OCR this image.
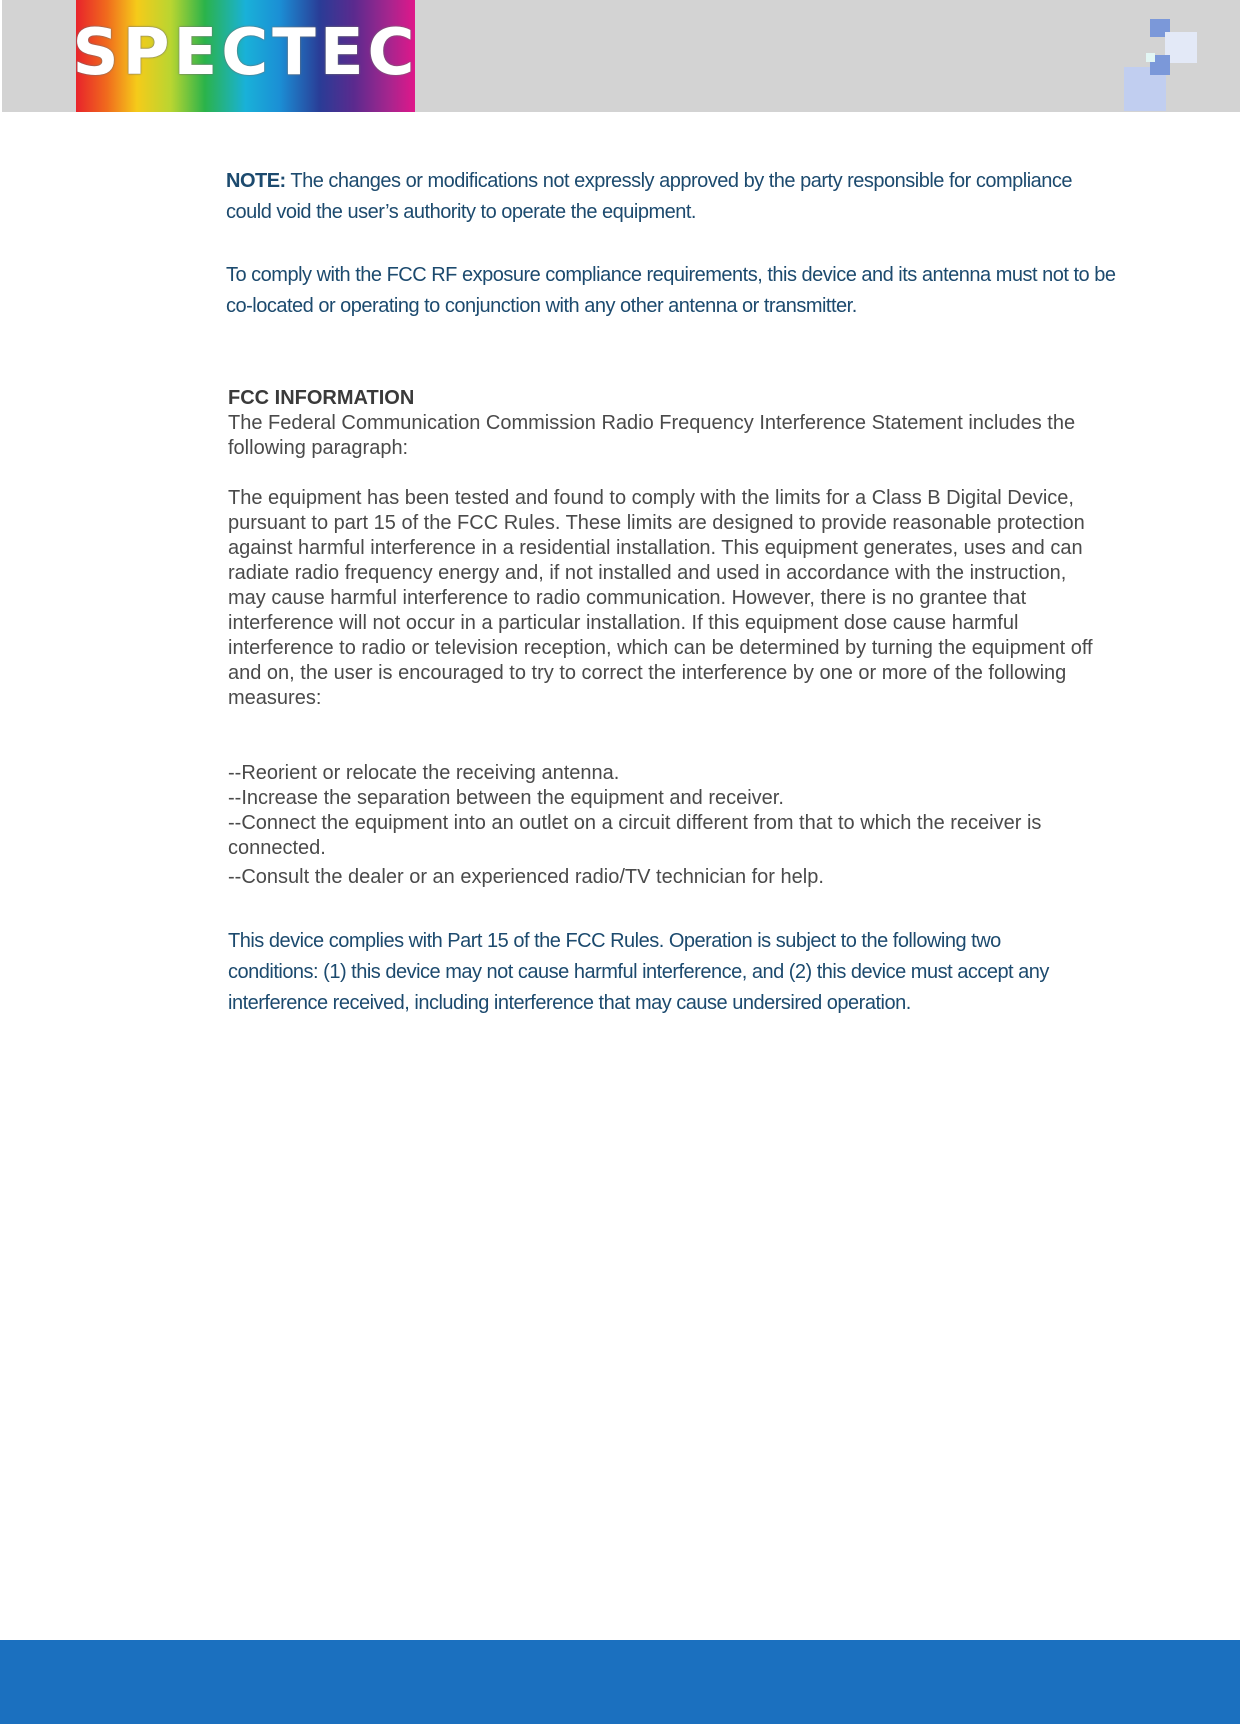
SPECTEC

NOTE: The changes or modifications not expressly approved by the party responsible for compliance could void the user’s authority to operate the equipment.

To comply with the FCC RF exposure compliance requirements, this device and its antenna must not to be co-located or operating to conjunction with any other antenna or transmitter.

FCC INFORMATION

The Federal Communication Commission Radio Frequency Interference Statement includes the following paragraph:

The equipment has been tested and found to comply with the limits for a Class B Digital Device, pursuant to part 15 of the FCC Rules. These limits are designed to provide reasonable protection against harmful interference in a residential installation. This equipment generates, uses and can radiate radio frequency energy and, if not installed and used in accordance with the instruction, may cause harmful interference to radio communication. However, there is no grantee that interference will not occur in a particular installation. If this equipment dose cause harmful interference to radio or television reception, which can be determined by turning the equipment off and on, the user is encouraged to try to correct the interference by one or more of the following measures:

--Reorient or relocate the receiving antenna.
--Increase the separation between the equipment and receiver.
--Connect the equipment into an outlet on a circuit different from that to which the receiver is connected.
--Consult the dealer or an experienced radio/TV technician for help.

This device complies with Part 15 of the FCC Rules. Operation is subject to the following two conditions: (1) this device may not cause harmful interference, and (2) this device must accept any interference received, including interference that may cause undersired operation.
